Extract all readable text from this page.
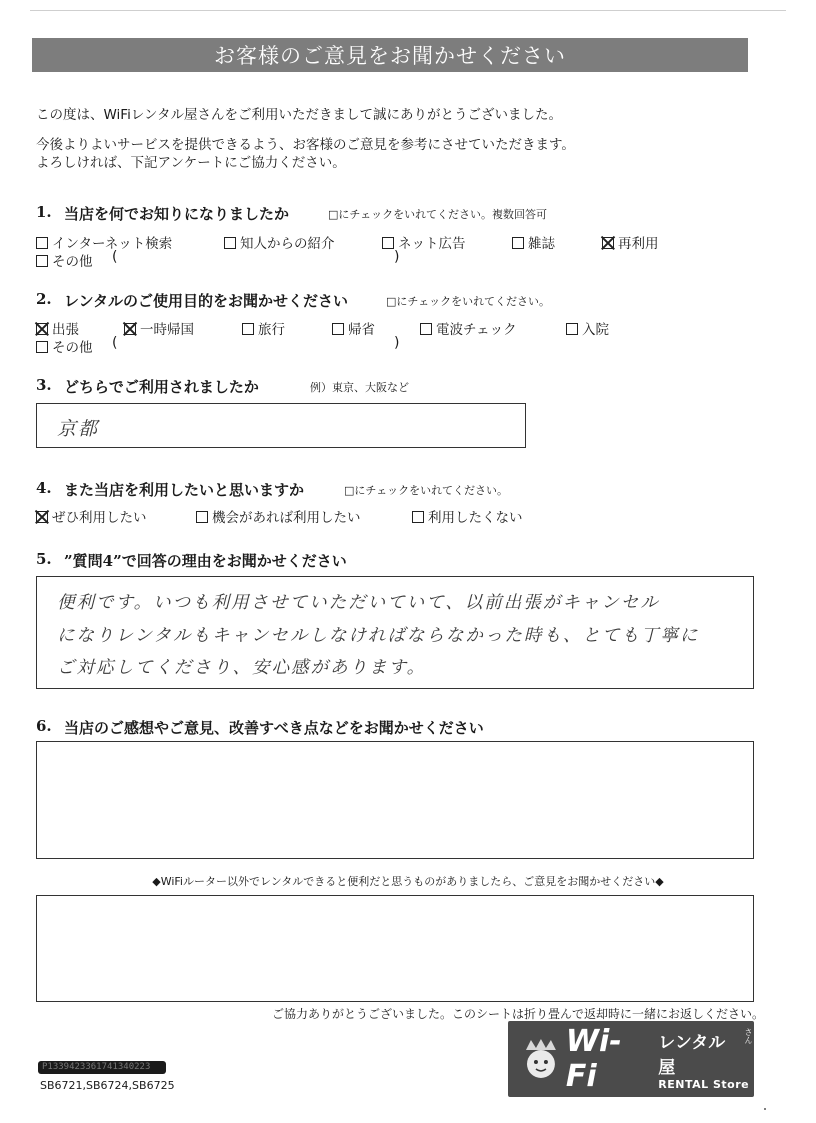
お客様のご意見をお聞かせください
この度は、WiFiレンタル屋さんをご利用いただきまして誠にありがとうございました。
今後よりよいサービスを提供できるよう、お客様のご意見を参考にさせていただきます。
よろしければ、下記アンケートにご協力ください。
1. 当店を何でお知りになりましたか	□にチェックをいれてください。複数回答可
インターネット検索	知人からの紹介	ネット広告	雑誌	再利用
その他 (	)
2. レンタルのご使用目的をお聞かせください	□にチェックをいれてください。
出張	一時帰国	旅行	帰省	電波チェック	入院
その他 (	)
3. どちらでご利用されましたか	例）東京、大阪など
京都
4. また当店を利用したいと思いますか	□にチェックをいれてください。
ぜひ利用したい	機会があれば利用したい	利用したくない
5. ”質問4”で回答の理由をお聞かせください
便利です。いつも利用させていただいていて、以前出張がキャンセル
になりレンタルもキャンセルしなければならなかった時も、とても丁寧に
ご対応してくださり、安心感があります。
6. 当店のご感想やご意見、改善すべき点などをお聞かせください
◆WiFiルーター以外でレンタルできると便利だと思うものがありましたら、ご意見をお聞かせください◆
ご協力ありがとうございました。このシートは折り畳んで返却時に一緒にお返しください。
Wi-Fi
レンタル屋
さん
RENTAL Store
P1339423361741340223
SB6721,SB6724,SB6725
